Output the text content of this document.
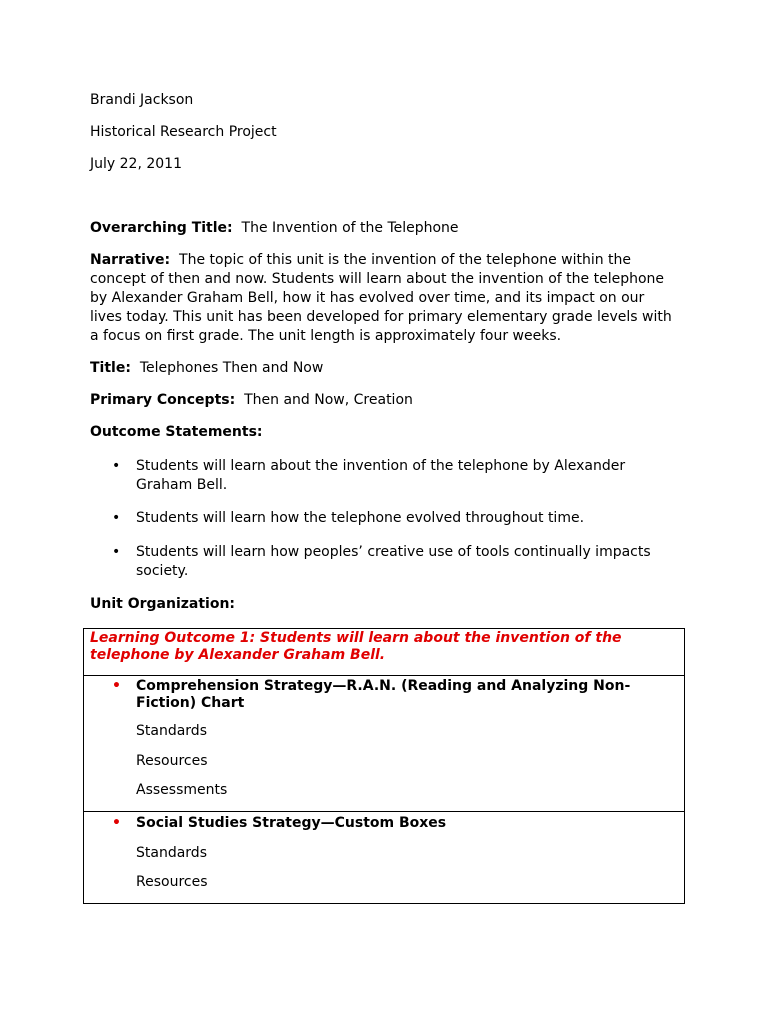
Brandi Jackson
Historical Research Project
July 22, 2011
Overarching Title: The Invention of the Telephone
Narrative: The topic of this unit is the invention of the telephone within the concept of then and now. Students will learn about the invention of the telephone by Alexander Graham Bell, how it has evolved over time, and its impact on our lives today. This unit has been developed for primary elementary grade levels with a focus on first grade. The unit length is approximately four weeks.
Title: Telephones Then and Now
Primary Concepts: Then and Now, Creation
Outcome Statements:
• Students will learn about the invention of the telephone by Alexander Graham Bell.
• Students will learn how the telephone evolved throughout time.
• Students will learn how peoples’ creative use of tools continually impacts society.
Unit Organization:
Learning Outcome 1: Students will learn about the invention of the telephone by Alexander Graham Bell.
• Comprehension Strategy—R.A.N. (Reading and Analyzing Non-Fiction) Chart
Standards
Resources
Assessments
• Social Studies Strategy—Custom Boxes
Standards
Resources
